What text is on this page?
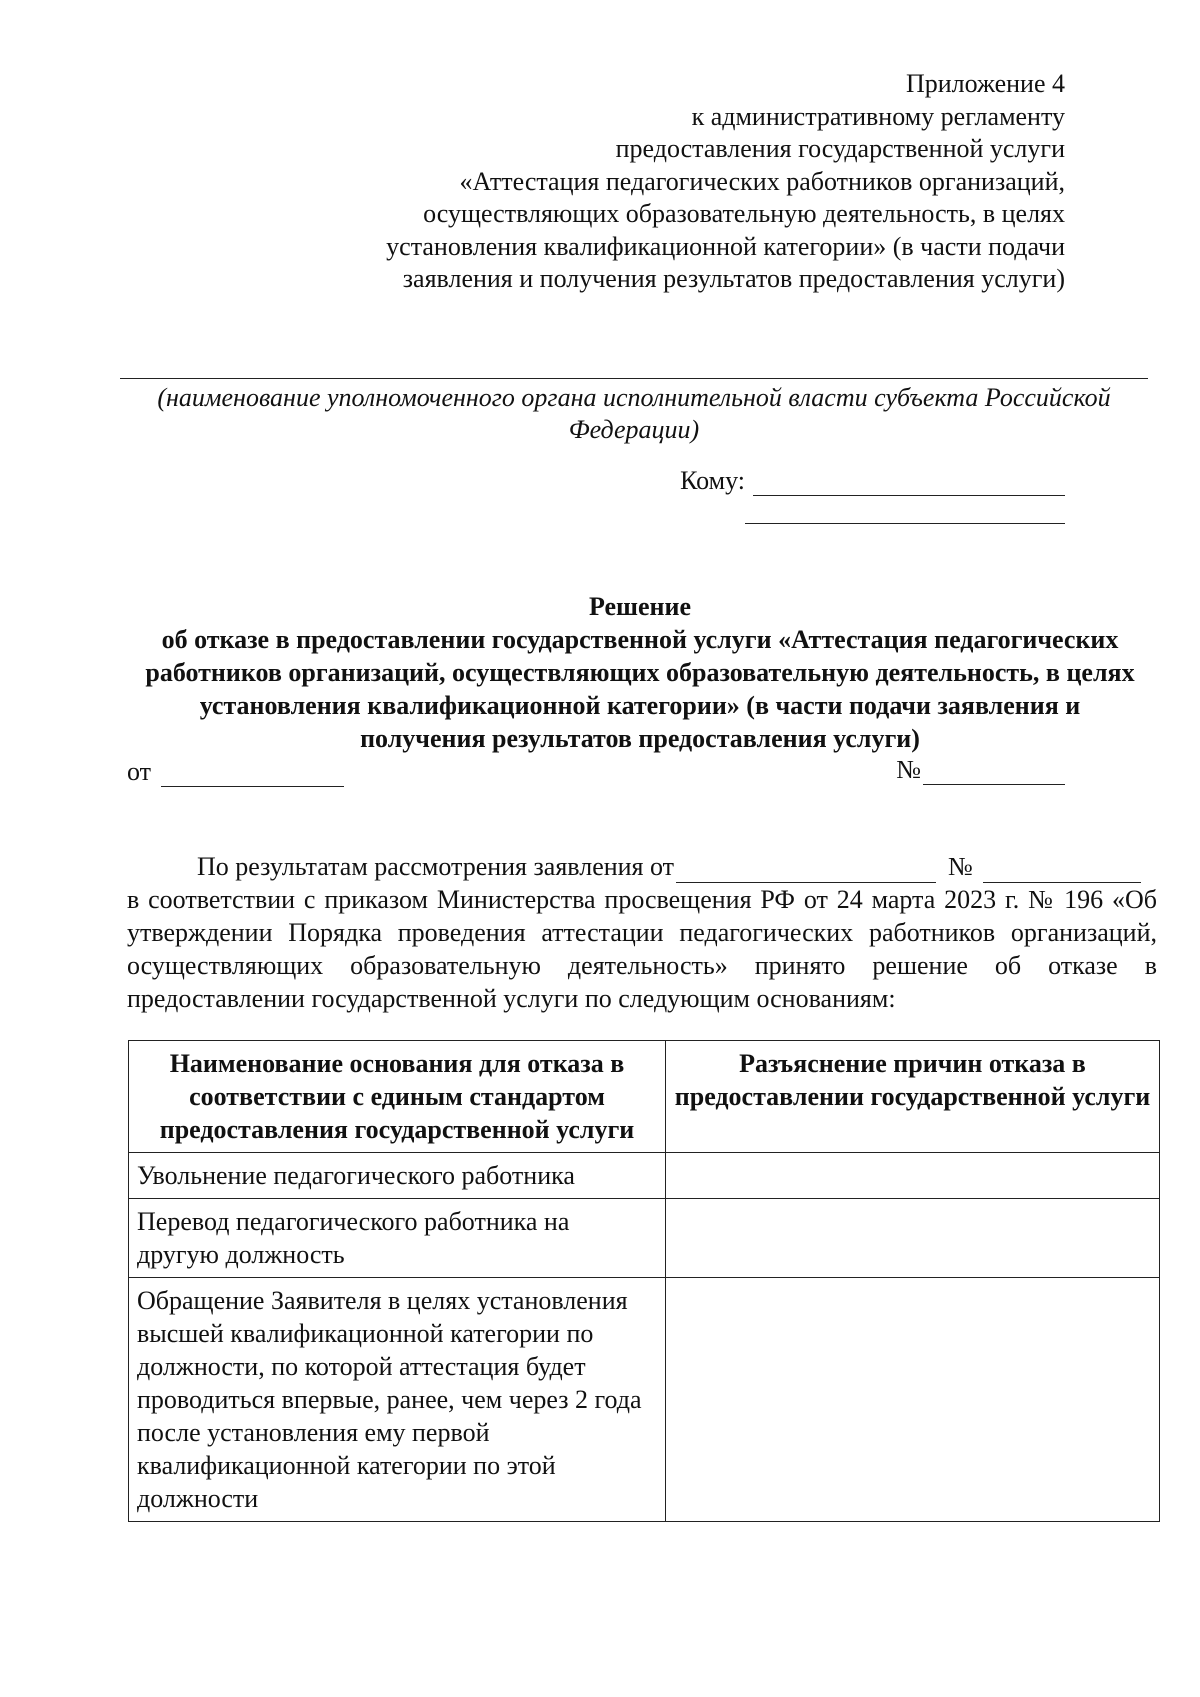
Приложение 4
к административному регламенту
предоставления государственной услуги
«Аттестация педагогических работников организаций,
осуществляющих образовательную деятельность, в целях
установления квалификационной категории» (в части подачи
заявления и получения результатов предоставления услуги)
(наименование уполномоченного органа исполнительной власти субъекта Российской
Федерации)
Кому:
Решение
об отказе в предоставлении государственной услуги «Аттестация педагогических
работников организаций, осуществляющих образовательную деятельность, в целях
установления квалификационной категории» (в части подачи заявления и
получения результатов предоставления услуги)
от	№
По результатам рассмотрения заявления от	№
в соответствии с приказом Министерства просвещения РФ от 24 марта 2023 г. № 196 «Об утверждении Порядка проведения аттестации педагогических работников организаций, осуществляющих образовательную деятельность» принято решение об отказе в предоставлении государственной услуги по следующим основаниям:
Наименование основания для отказа в соответствии с единым стандартом предоставления государственной услуги	Разъяснение причин отказа в предоставлении государственной услуги
Увольнение педагогического работника	
Перевод педагогического работника на другую должность	
Обращение Заявителя в целях установления высшей квалификационной категории по должности, по которой аттестация будет проводиться впервые, ранее, чем через 2 года после установления ему первой квалификационной категории по этой должности	
